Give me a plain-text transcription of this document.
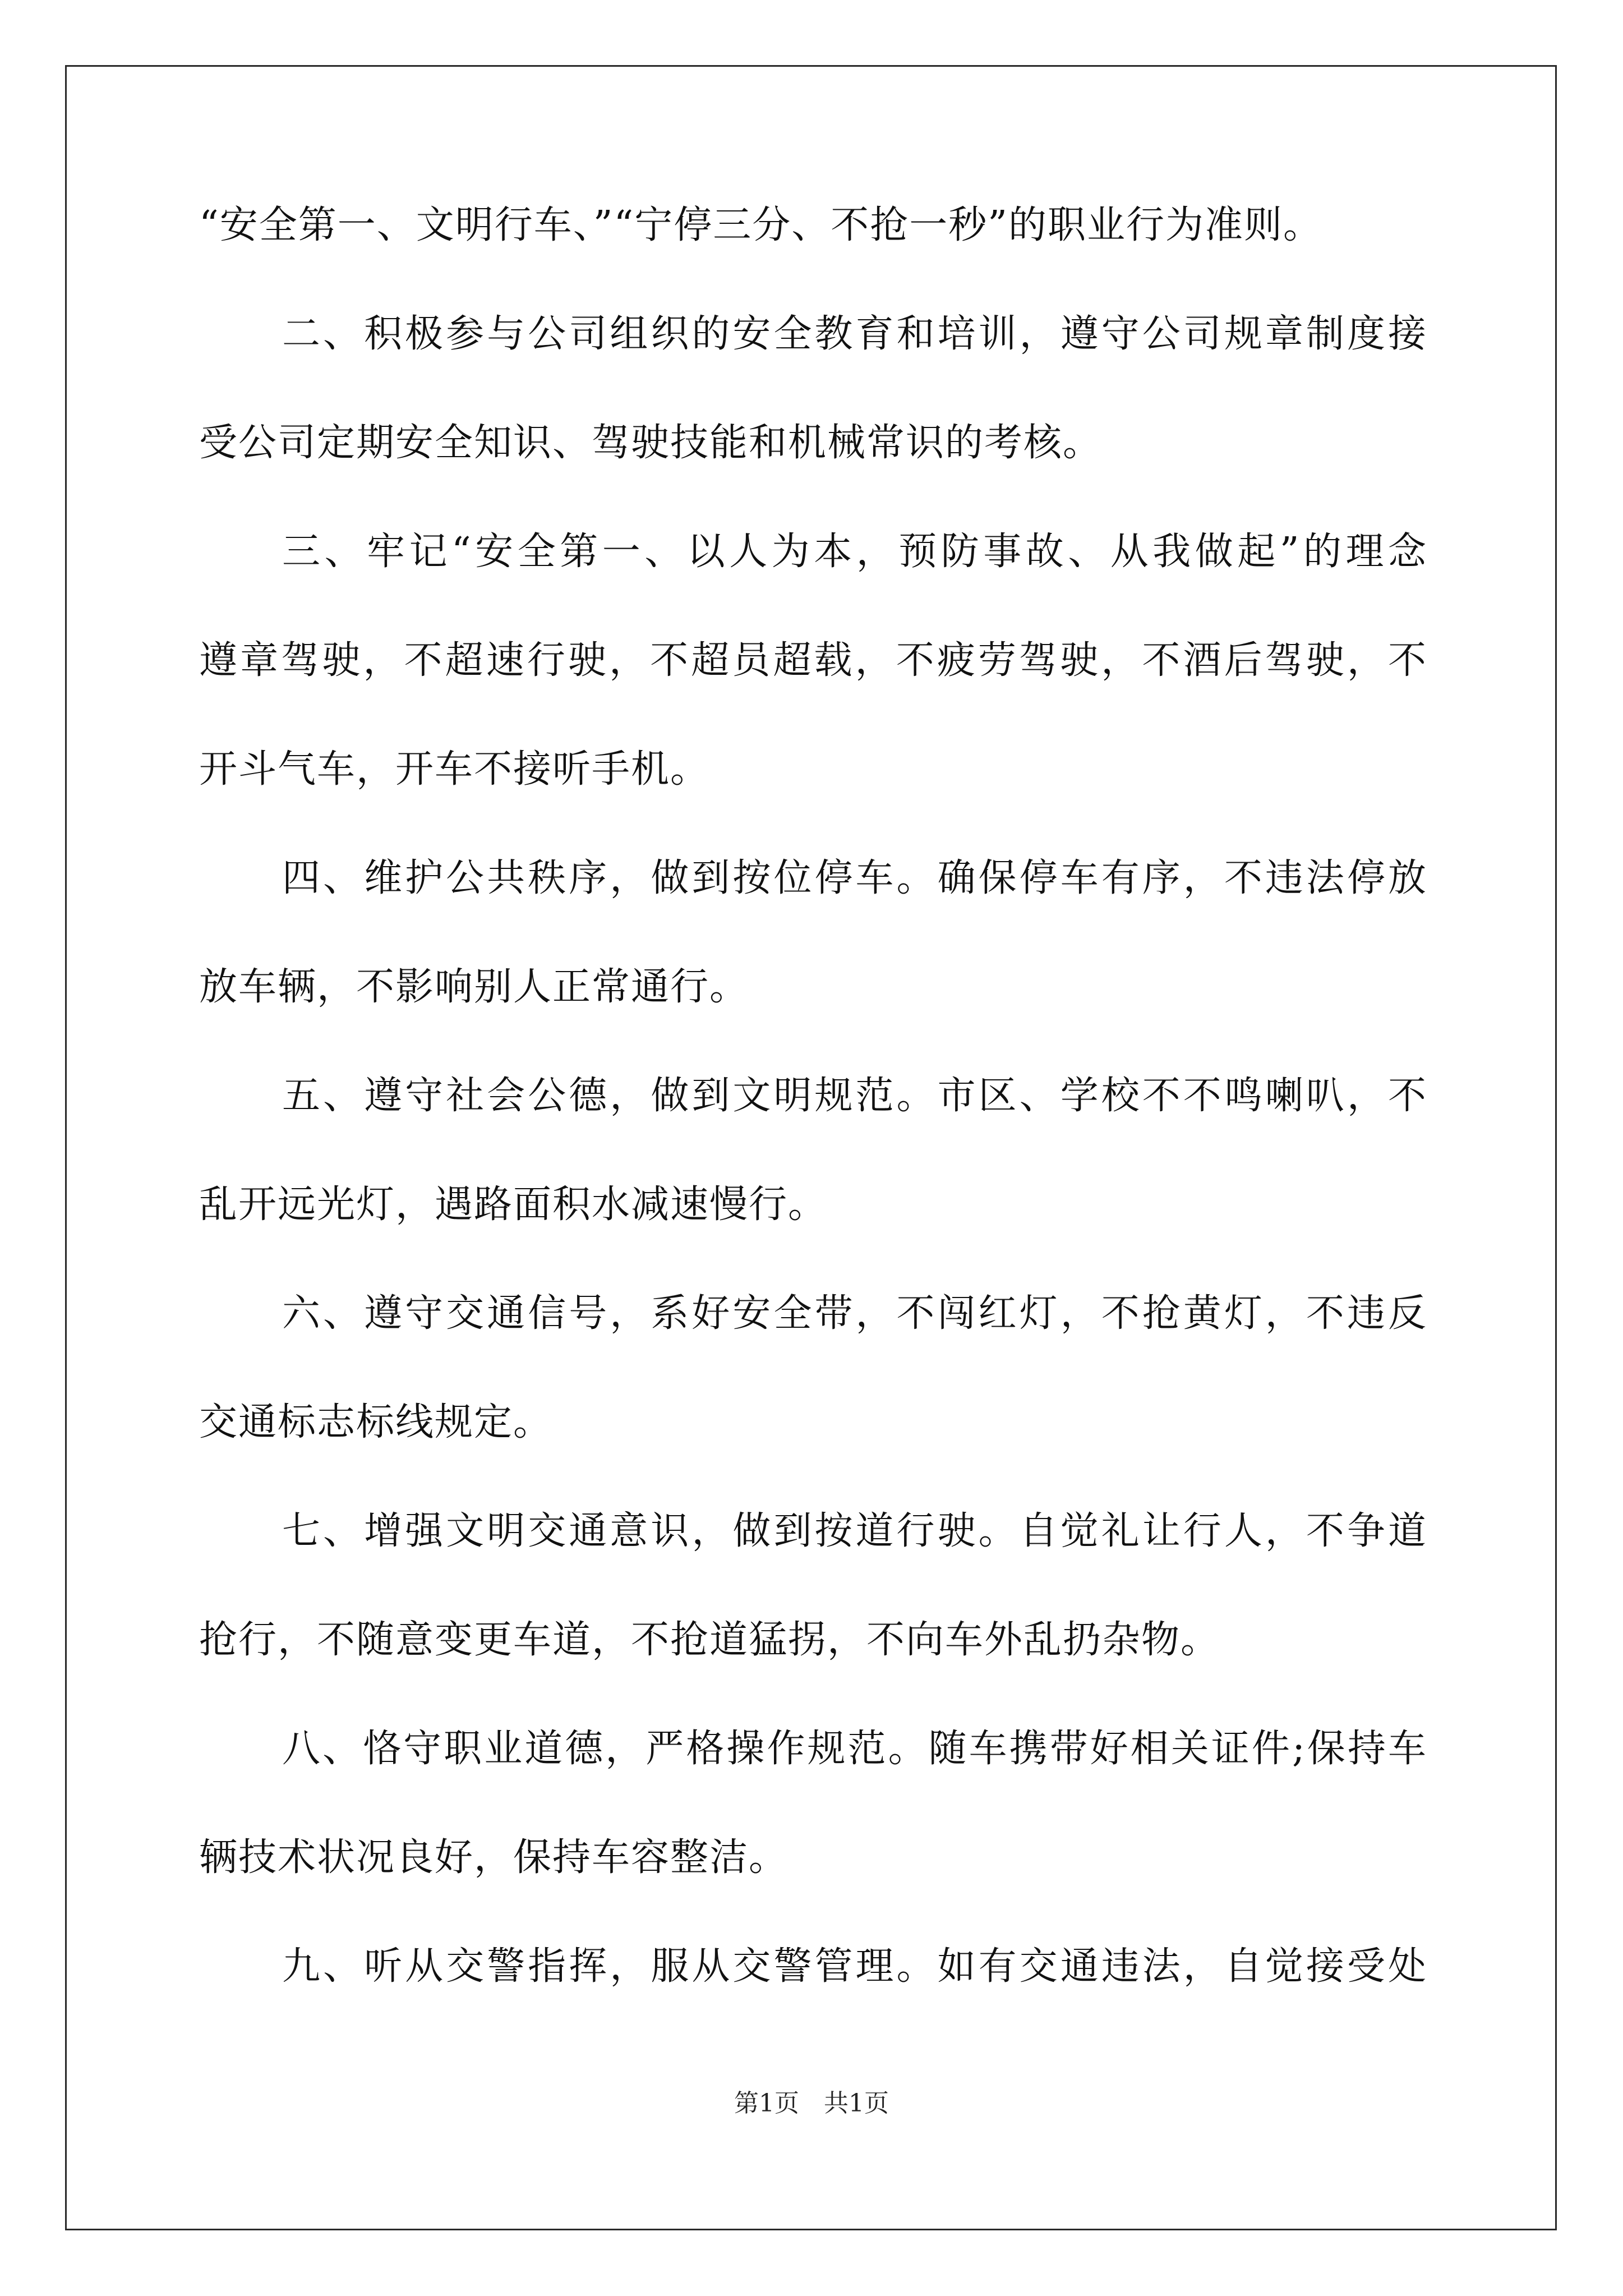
“安全第一、文明行车、”“宁停三分、不抢一秒”的职业行为准则。
二、积极参与公司组织的安全教育和培训，遵守公司规章制度接
受公司定期安全知识、驾驶技能和机械常识的考核。
三、牢记“安全第一、以人为本，预防事故、从我做起”的理念
遵章驾驶，不超速行驶，不超员超载，不疲劳驾驶，不酒后驾驶，不
开斗气车，开车不接听手机。
四、维护公共秩序，做到按位停车。确保停车有序，不违法停放
放车辆，不影响别人正常通行。
五、遵守社会公德，做到文明规范。市区、学校不不鸣喇叭，不
乱开远光灯，遇路面积水减速慢行。
六、遵守交通信号，系好安全带，不闯红灯，不抢黄灯，不违反
交通标志标线规定。
七、增强文明交通意识，做到按道行驶。自觉礼让行人，不争道
抢行，不随意变更车道，不抢道猛拐，不向车外乱扔杂物。
八、恪守职业道德，严格操作规范。随车携带好相关证件;保持车
辆技术状况良好，保持车容整洁。
九、听从交警指挥，服从交警管理。如有交通违法，自觉接受处
第1页　共1页
